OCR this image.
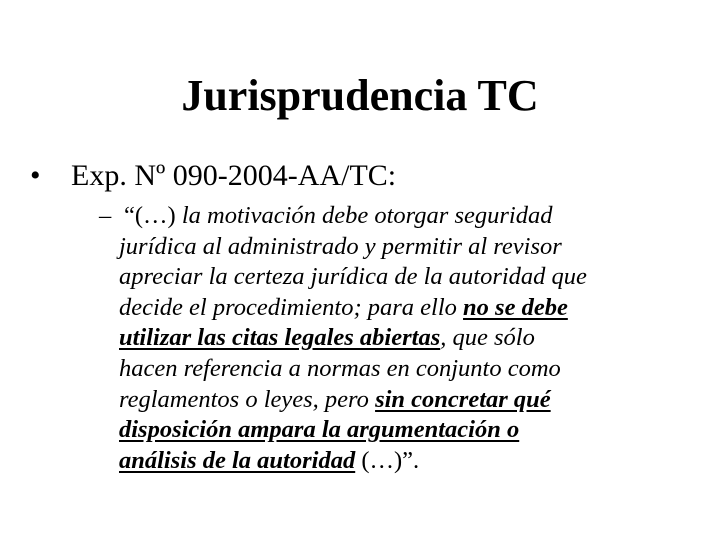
Jurisprudencia TC
• Exp. Nº 090-2004-AA/TC:
– “(…) la motivación debe otorgar seguridad
jurídica al administrado y permitir al revisor
apreciar la certeza jurídica de la autoridad que
decide el procedimiento; para ello no se debe
utilizar las citas legales abiertas, que sólo
hacen referencia a normas en conjunto como
reglamentos o leyes, pero sin concretar qué
disposición ampara la argumentación o
análisis de la autoridad (…)”.
